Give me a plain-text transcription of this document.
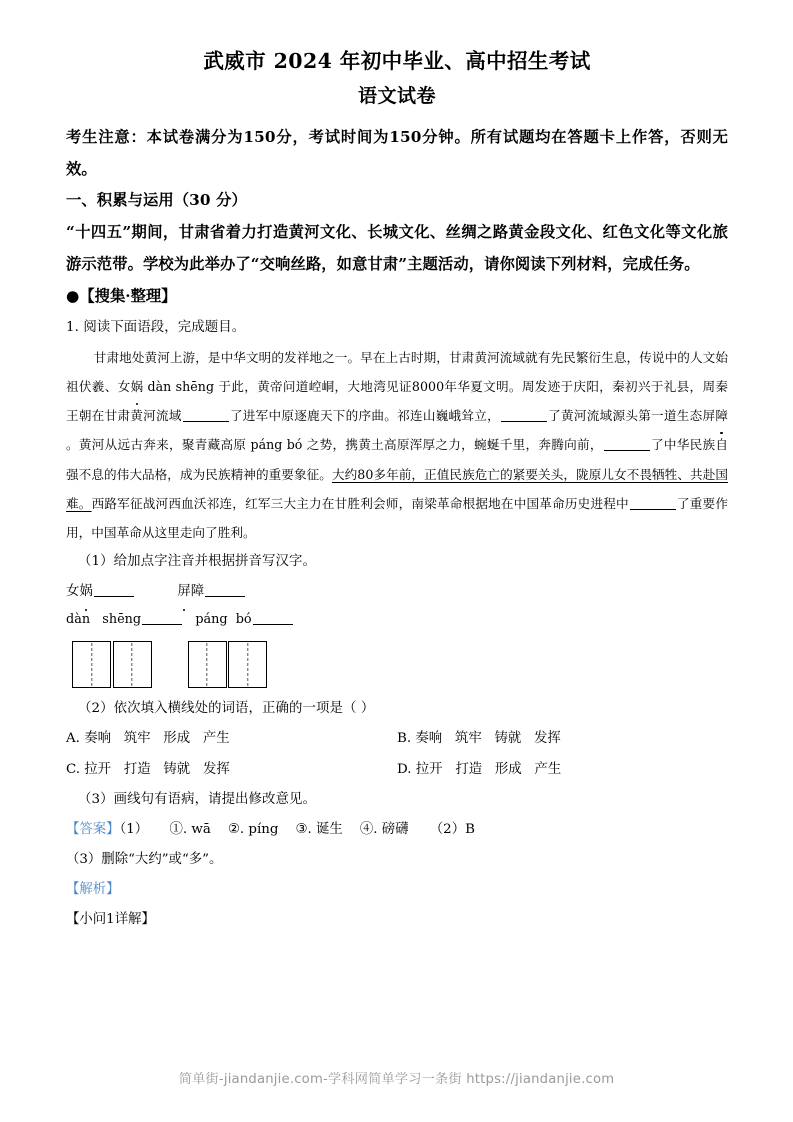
武威市 2024 年初中毕业、高中招生考试
语文试卷

考生注意：本试卷满分为150分，考试时间为150分钟。所有试题均在答题卡上作答，否则无效。

一、积累与运用（30 分）

“十四五”期间，甘肃省着力打造黄河文化、长城文化、丝绸之路黄金段文化、红色文化等文化旅游示范带。学校为此举办了“交响丝路，如意甘肃”主题活动，请你阅读下列材料，完成任务。

●【搜集·整理】

1. 阅读下面语段，完成题目。

甘肃地处黄河上游，是中华文明的发祥地之一。早在上古时期，甘肃黄河流域就有先民繁衍生息，传说中的人文始祖伏羲、女娲 dàn shēng 于此，黄帝问道崆峒，大地湾见证8000年华夏文明。周发迹于庆阳，秦初兴于礼县，周秦王朝在甘肃黄河流域	了进军中原逐鹿天下的序曲。祁连山巍峨耸立，	了黄河流域源头第一道生态屏障。黄河从远古奔来，聚青藏高原 páng bó 之势，携黄土高原浑厚之力，蜿蜒千里，奔腾向前，	了中华民族自强不息的伟大品格，成为民族精神的重要象征。大约80多年前，正值民族危亡的紧要关头，陇原儿女不畏牺牲、共赴国难。西路军征战河西血沃祁连，红军三大主力在甘胜利会师，南梁革命根据地在中国革命历史进程中	了重要作用，中国革命从这里走向了胜利。

（1）给加点字注音并根据拼音写汉字。

女娲	屏障

dàn   shēng	páng  bó

（2）依次填入横线处的词语，正确的一项是（ ）

A. 奏响   筑牢   形成   产生	B. 奏响   筑牢   铸就   发挥
C. 拉开   打造   铸就   发挥	D. 拉开   打造   形成   产生

（3）画线句有语病，请提出修改意见。

【答案】（1） ①. wā ②. píng ③. 诞生 ④. 磅礴 （2）B

（3）删除“大约”或“多”。

【解析】

【小问1详解】

简单街-jiandanjie.com-学科网简单学习一条街 https://jiandanjie.com
